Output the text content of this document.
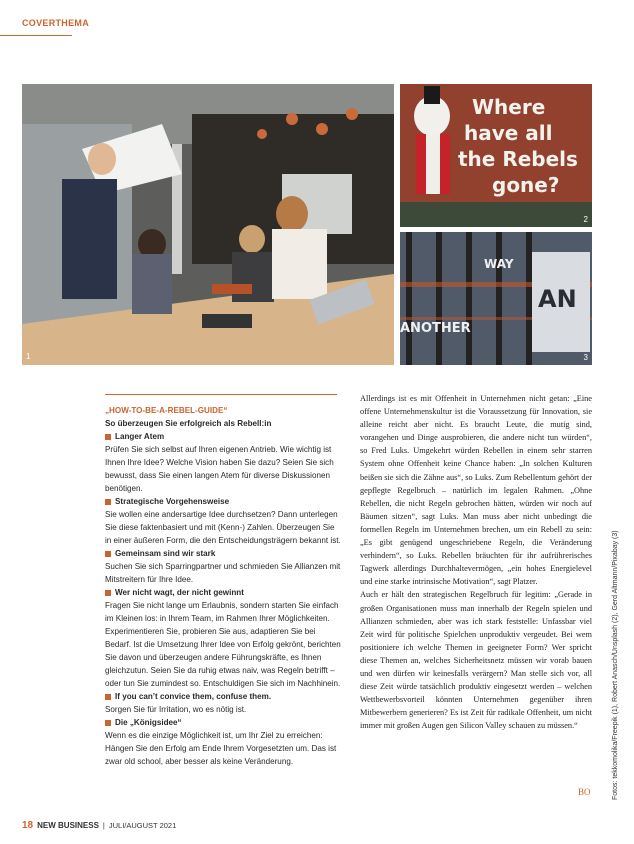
COVERTHEMA
1
Where
have all
the Rebels
gone?
2
WAY
ANOTHER
AN
3

„HOW-TO-BE-A-REBEL-GUIDE“

So überzeugen Sie erfolgreich als Rebell:in

Langer Atem

Prüfen Sie sich selbst auf Ihren eigenen Antrieb. Wie wichtig ist Ihnen Ihre Idee? Welche Vision haben Sie dazu? Seien Sie sich bewusst, dass Sie einen langen Atem für diverse Diskussionen benötigen.

Strategische Vorgehensweise

Sie wollen eine andersartige Idee durchsetzen? Dann unterlegen Sie diese faktenbasiert und mit (Kenn-) Zahlen. Überzeugen Sie in einer äußeren Form, die den Entscheidungsträgern bekannt ist.

Gemeinsam sind wir stark

Suchen Sie sich Sparringpartner und schmieden Sie Allianzen mit Mitstreitern für Ihre Idee.

Wer nicht wagt, der nicht gewinnt

Fragen Sie nicht lange um Erlaubnis, sondern starten Sie einfach im Kleinen los: in Ihrem Team, im Rahmen Ihrer Möglichkeiten. Experimentieren Sie, probieren Sie aus, adaptieren Sie bei Bedarf. Ist die Umsetzung Ihrer Idee von Erfolg gekrönt, berichten Sie davon und überzeugen andere Führungskräfte, es Ihnen gleichzutun. Seien Sie da ruhig etwas naiv, was Regeln betrifft – oder tun Sie zumindest so. Entschuldigen Sie sich im Nachhinein.

If you can’t convice them, confuse them.

Sorgen Sie für Irritation, wo es nötig ist.

Die „Königsidee“

Wenn es die einzige Möglichkeit ist, um Ihr Ziel zu erreichen: Hängen Sie den Erfolg am Ende Ihrem Vorgesetzten um. Das ist zwar old school, aber besser als keine Veränderung.

Allerdings ist es mit Offenheit in Unternehmen nicht getan: „Eine offene Unternehmenskultur ist die Voraussetzung für Innovation, sie alleine reicht aber nicht. Es braucht Leute, die mutig sind, vorangehen und Dinge ausprobieren, die andere nicht tun würden“, so Fred Luks. Umgekehrt würden Rebellen in einem sehr starren System ohne Offenheit keine Chance haben: „In solchen Kulturen beißen sie sich die Zähne aus“, so Luks. Zum Rebellentum gehört der gepflegte Regelbruch – natürlich im legalen Rahmen. „Ohne Rebellen, die nicht Regeln gebrochen hätten, würden wir noch auf Bäumen sitzen“, sagt Luks. Man muss aber nicht unbedingt die formellen Regeln im Unternehmen brechen, um ein Rebell zu sein: „Es gibt genügend ungeschriebene Regeln, die Veränderung verhindern“, so Luks. Rebellen bräuchten für ihr aufrührerisches Tagwerk allerdings Durchhaltevermögen, „ein hohes Energielevel und eine starke intrinsische Motivation“, sagt Platzer.

Auch er hält den strategischen Regelbruch für legitim: „Gerade in großen Organisationen muss man innerhalb der Regeln spielen und Allianzen schmieden, aber was ich stark feststelle: Unfassbar viel Zeit wird für politische Spielchen unproduktiv vergeudet. Bei wem positioniere ich welche Themen in geeigneter Form? Wer spricht diese Themen an, welches Sicherheitsnetz müssen wir vorab bauen und wen dürfen wir keinesfalls verärgern? Man stelle sich vor, all diese Zeit würde tatsächlich produktiv eingesetzt werden – welchen Wettbewerbsvorteil könnten Unternehmen gegenüber ihren Mitbewerbern generieren? Es ist Zeit für radikale Offenheit, um nicht immer mit großen Augen gen Silicon Valley schauen zu müssen.“

BO	Fotos: tekkomolika/Freepik (1), Robert Anasch/Unsplash (2), Gerd Altmann/Pixabay (3)
18 NEW BUSINESS | JULI/AUGUST 2021
